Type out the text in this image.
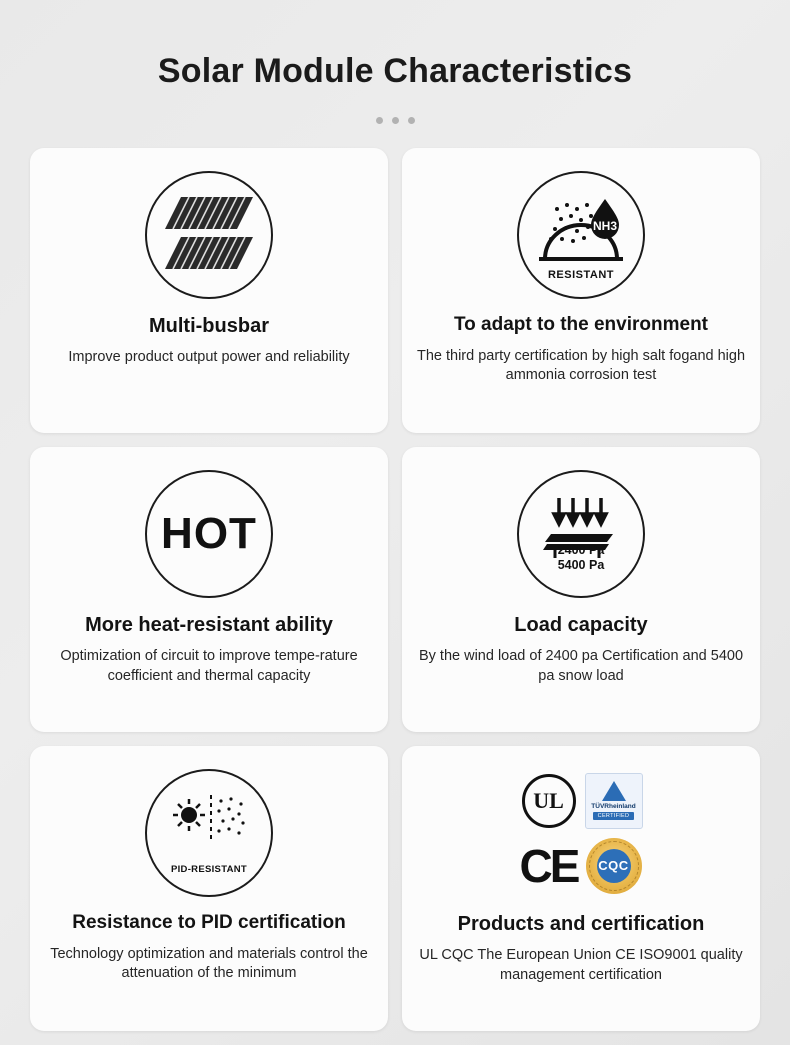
Solar Module Characteristics
Multi-busbar
Improve product output power and reliability
NH3
RESISTANT
To adapt to the environment
The third party certification by high salt fogand high ammonia corrosion test
HOT
More heat-resistant ability
Optimization of circuit to improve tempe-rature coefficient and thermal capacity
2400 Pa
5400 Pa
Load capacity
By the wind load of 2400 pa Certification and 5400 pa snow load
PID-RESISTANT
Resistance to PID certification
Technology optimization and materials control the attenuation of the minimum
UL	TÜVRheinland
CERTIFIED
CE CQC
Products and certification
UL CQC The European Union CE ISO9001 quality management certification
